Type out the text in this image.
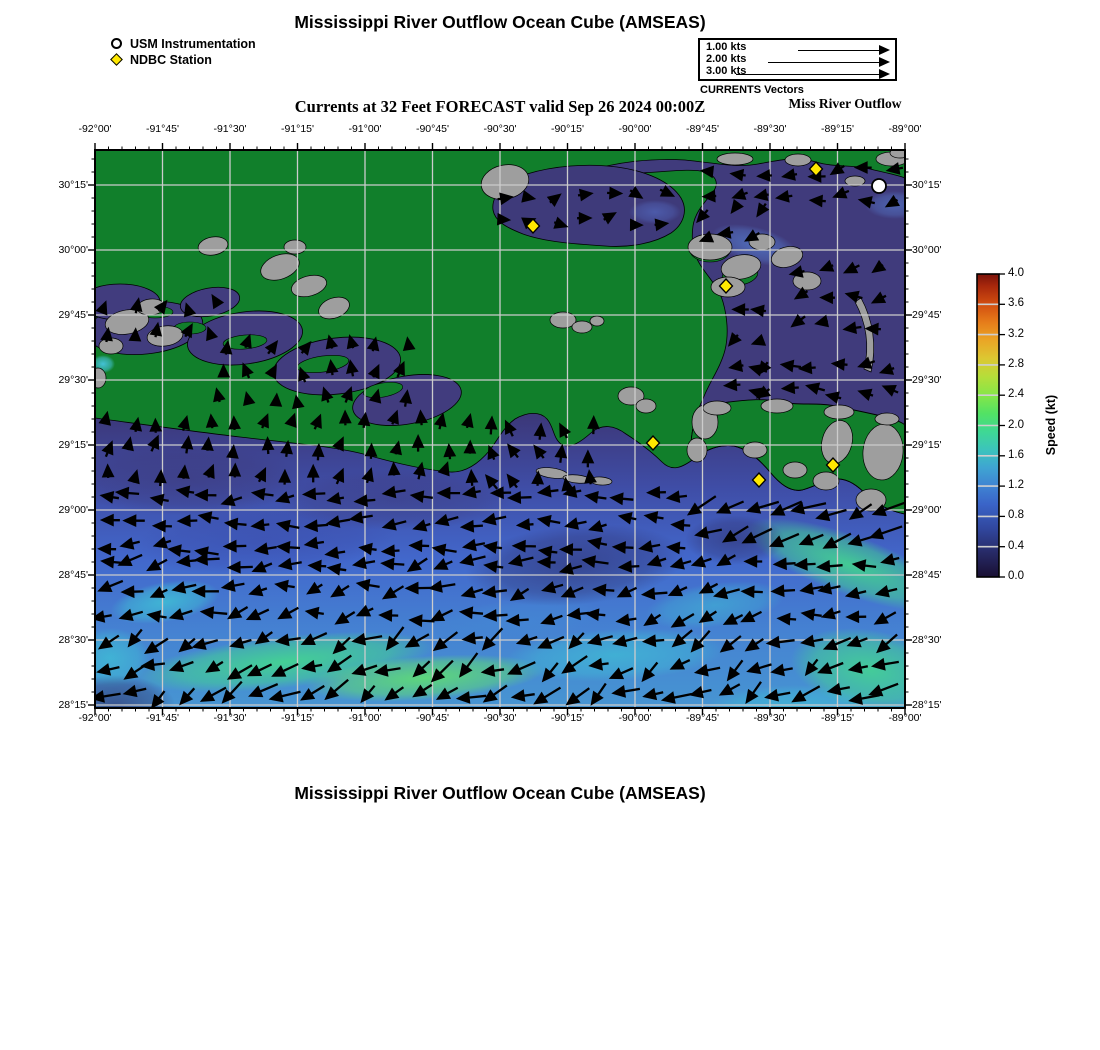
Mississippi River Outflow Ocean Cube (AMSEAS)
USM Instrumentation
NDBC Station
1.00 kts
2.00 kts
3.00 kts
CURRENTS Vectors
Currents at 32 Feet FORECAST valid Sep 26 2024 00:00Z	Miss River Outflow
-92°00'	-91°45'	-91°30'	-91°15'	-91°00'	-90°45'	-90°30'	-90°15'	-90°00'	-89°45'	-89°30'	-89°15'	-89°00'
-92°00'	-91°45'	-91°30'	-91°15'	-91°00'	-90°45'	-90°30'	-90°15'	-90°00'	-89°45'	-89°30'	-89°15'	-89°00'
30°15'
30°00'
29°45'
29°30'
29°15'
29°00'
28°45'
28°30'
28°15'
30°15'
30°00'
29°45'
29°30'
29°15'
29°00'
28°45'
28°30'
28°15'
4.0
3.6
3.2
2.8
2.4
2.0
1.6
1.2
0.8
0.4
0.0
Speed (kt)
Mississippi River Outflow Ocean Cube (AMSEAS)
